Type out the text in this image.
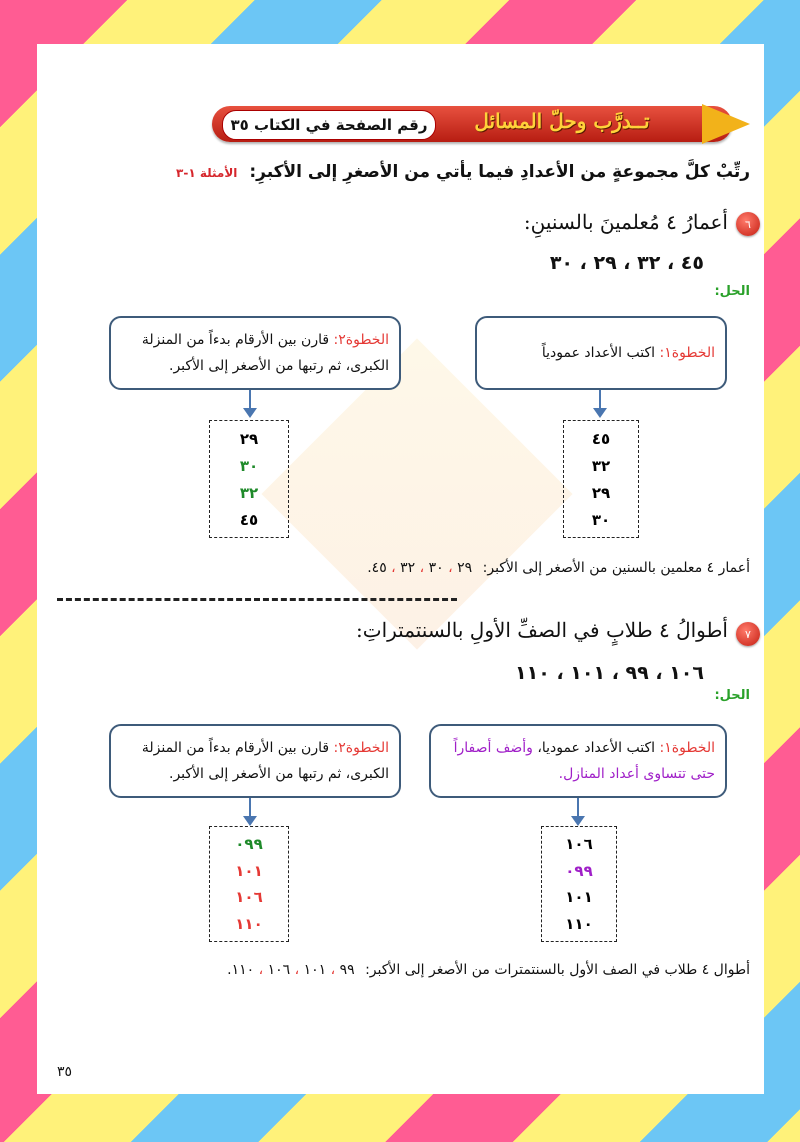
رقم الصفحة في الكتاب ٣٥	تــدرَّب وحلّ المسائل
رتِّبْ كلَّ مجموعةٍ من الأعدادِ فيما يأتي من الأصغرِ إلى الأكبرِ: الأمثلة ١-٣
٦
أعمارُ ٤ مُعلمينَ بالسنينِ:
٤٥ ، ٣٢ ، ٢٩ ، ٣٠
الحل:
الخطوة١: اكتب الأعداد عمودياً
الخطوة٢: قارن بين الأرقام بدءاً من المنزلة الكبرى، ثم رتبها من الأصغر إلى الأكبر.
٤٥
٣٢
٢٩
٣٠
٢٩
٣٠
٣٢
٤٥
أعمار ٤ معلمين بالسنين من الأصغر إلى الأكبر: ٢٩ ، ٣٠ ، ٣٢ ، ٤٥.
٧
أطوالُ ٤ طلابٍ في الصفِّ الأولِ بالسنتمتراتِ:
١٠٦ ، ٩٩ ، ١٠١ ، ١١٠
الحل:
الخطوة١: اكتب الأعداد عموديا، وأضف أصفاراً حتى تتساوى أعداد المنازل.
الخطوة٢: قارن بين الأرقام بدءاً من المنزلة الكبرى، ثم رتبها من الأصغر إلى الأكبر.
١٠٦
٠٩٩
١٠١
١١٠
٠٩٩
١٠١
١٠٦
١١٠
أطوال ٤ طلاب في الصف الأول بالسنتمترات من الأصغر إلى الأكبر: ٩٩ ، ١٠١ ، ١٠٦ ، ١١٠.
٣٥
